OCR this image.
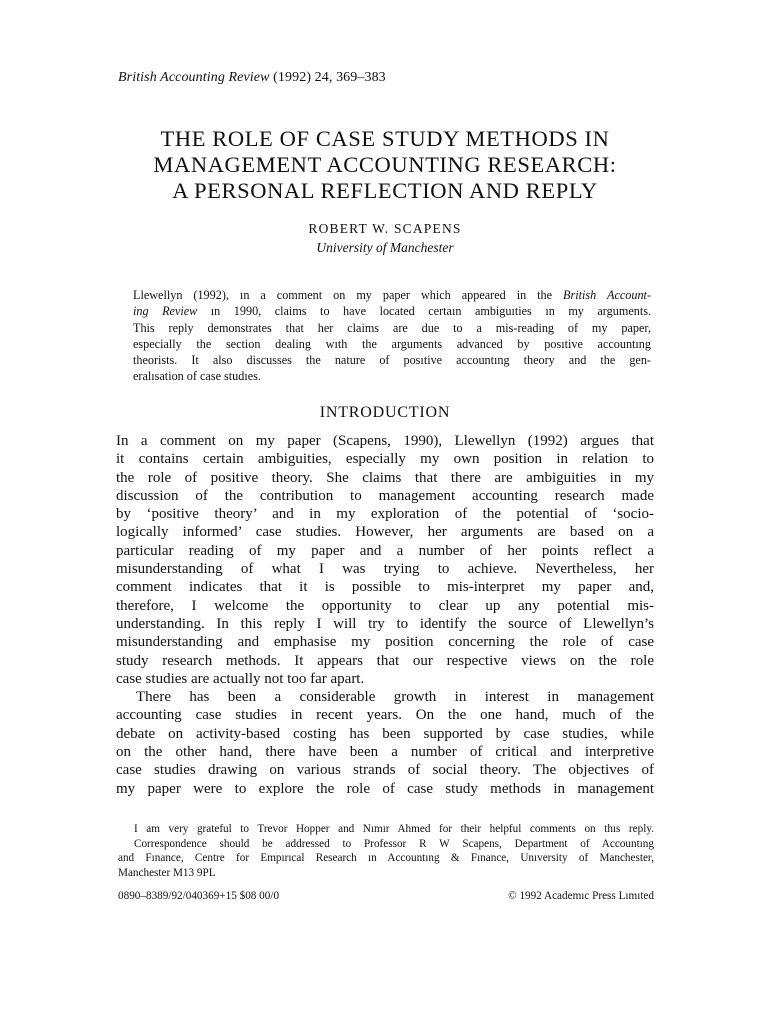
British Accounting Review (1992) 24, 369–383
THE ROLE OF CASE STUDY METHODS IN
MANAGEMENT ACCOUNTING RESEARCH:
A PERSONAL REFLECTION AND REPLY
ROBERT W. SCAPENS
University of Manchester
Llewellyn (1992), ın a comment on my paper which appeared in the British Account-
ing Review ın 1990, claims to have located certaın ambiguıties ın my arguments.
This reply demonstrates that her claims are due to a mis-reading of my paper,
especially the section dealing wıth the arguments advanced by posıtive accountıng
theorists. It also discusses the nature of posıtive accountıng theory and the gen-
eralısation of case studıes.
INTRODUCTION
In a comment on my paper (Scapens, 1990), Llewellyn (1992) argues that
it contains certain ambiguities, especially my own position in relation to
the role of positive theory. She claims that there are ambiguities in my
discussion of the contribution to management accounting research made
by ‘positive theory’ and in my exploration of the potential of ‘socio-
logically informed’ case studies. However, her arguments are based on a
particular reading of my paper and a number of her points reflect a
misunderstanding of what I was trying to achieve. Nevertheless, her
comment indicates that it is possible to mis-interpret my paper and,
therefore, I welcome the opportunity to clear up any potential mis-
understanding. In this reply I will try to identify the source of Llewellyn’s
misunderstanding and emphasise my position concerning the role of case
study research methods. It appears that our respective views on the role
case studies are actually not too far apart.
There has been a considerable growth in interest in management
accounting case studies in recent years. On the one hand, much of the
debate on activity-based costing has been supported by case studies, while
on the other hand, there have been a number of critical and interpretive
case studies drawing on various strands of social theory. The objectives of
my paper were to explore the role of case study methods in management
I am very grateful to Trevor Hopper and Nımır Ahmed for their helpful comments on thıs reply.
Correspondence should be addressed to Professor R W Scapens, Department of Accountıng
and Fınance, Centre for Empırıcal Research ın Accountıng & Fınance, Unıversity of Manchester,
Manchester M13 9PL
0890–8389/92/040369+15 $08 00/0	© 1992 Academıc Press Lımıted
